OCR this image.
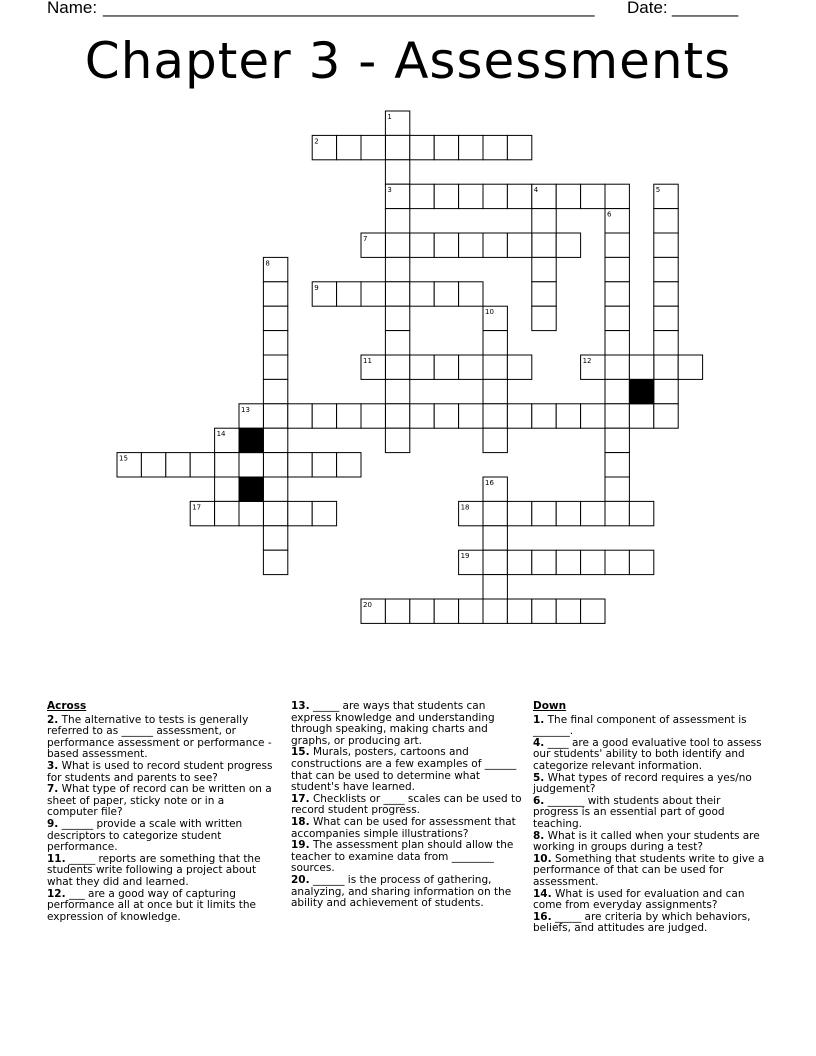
Name: ____________________________________________________ Date: _______
Chapter 3 - Assessments
1
2
3	4	5
6
7
8
9
10
11	12
13
14
15
16
17	18
19
20
Across
2. The alternative to tests is generally referred to as ______ assessment, or performance assessment or performance - based assessment.
3. What is used to record student progress for students and parents to see?
7. What type of record can be written on a sheet of paper, sticky note or in a computer file?
9. ______ provide a scale with written descriptors to categorize student performance.
11. _____ reports are something that the students write following a project about what they did and learned.
12. ___ are a good way of capturing performance all at once but it limits the expression of knowledge.
13. _____ are ways that students can express knowledge and understanding through speaking, making charts and graphs, or producing art.
15. Murals, posters, cartoons and constructions are a few examples of ______ that can be used to determine what student's have learned.
17. Checklists or ____ scales can be used to record student progress.
18. What can be used for assessment that accompanies simple illustrations?
19. The assessment plan should allow the teacher to examine data from ________ sources.
20. ______ is the process of gathering, analyzing, and sharing information on the ability and achievement of students.
Down
1. The final component of assessment is _______.
4. ____ are a good evaluative tool to assess our students' ability to both identify and categorize relevant information.
5. What types of record requires a yes/no judgement?
6. _______ with students about their progress is an essential part of good teaching.
8. What is it called when your students are working in groups during a test?
10. Something that students write to give a performance of that can be used for assessment.
14. What is used for evaluation and can come from everyday assignments?
16. _____ are criteria by which behaviors, beliefs, and attitudes are judged.
